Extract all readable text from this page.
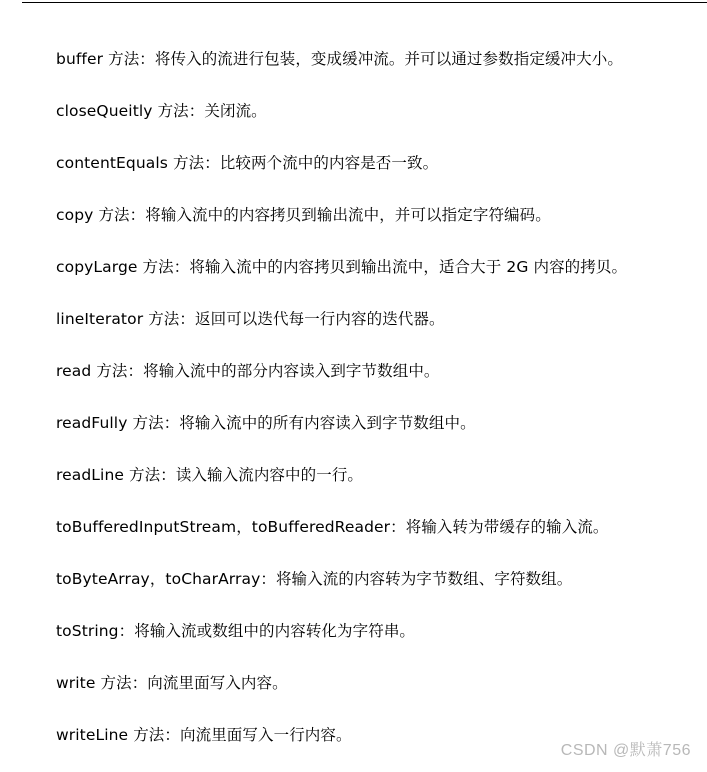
buffer 方法：将传入的流进行包装，变成缓冲流。并可以通过参数指定缓冲大小。
closeQueitly 方法：关闭流。
contentEquals 方法：比较两个流中的内容是否一致。
copy 方法：将输入流中的内容拷贝到输出流中，并可以指定字符编码。
copyLarge 方法：将输入流中的内容拷贝到输出流中，适合大于 2G 内容的拷贝。
lineIterator 方法：返回可以迭代每一行内容的迭代器。
read 方法：将输入流中的部分内容读入到字节数组中。
readFully 方法：将输入流中的所有内容读入到字节数组中。
readLine 方法：读入输入流内容中的一行。
toBufferedInputStream，toBufferedReader：将输入转为带缓存的输入流。
toByteArray，toCharArray：将输入流的内容转为字节数组、字符数组。
toString：将输入流或数组中的内容转化为字符串。
write 方法：向流里面写入内容。
writeLine 方法：向流里面写入一行内容。
CSDN @默萧756
